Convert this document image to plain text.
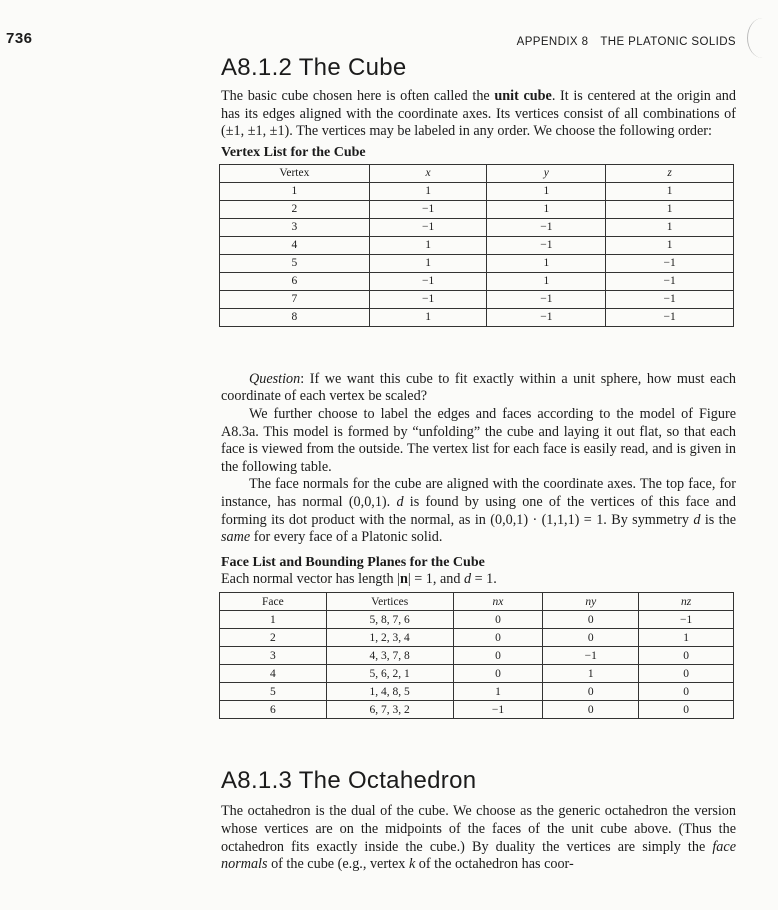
736	APPENDIX 8 THE PLATONIC SOLIDS
A8.1.2 The Cube

The basic cube chosen here is often called the unit cube. It is centered at the origin and has its edges aligned with the coordinate axes. Its vertices consist of all combinations of (±1, ±1, ±1). The vertices may be labeled in any order. We choose the following order:

Vertex List for the Cube
Vertex	x	y	z
1	1	1	1
2	−1	1	1
3	−1	−1	1
4	1	−1	1
5	1	1	−1
6	−1	1	−1
7	−1	−1	−1
8	1	−1	−1

Question: If we want this cube to fit exactly within a unit sphere, how must each coordinate of each vertex be scaled?

We further choose to label the edges and faces according to the model of Figure A8.3a. This model is formed by “unfolding” the cube and laying it out flat, so that each face is viewed from the outside. The vertex list for each face is easily read, and is given in the following table.

The face normals for the cube are aligned with the coordinate axes. The top face, for instance, has normal (0,0,1). d is found by using one of the vertices of this face and forming its dot product with the normal, as in (0,0,1) · (1,1,1) = 1. By symmetry d is the same for every face of a Platonic solid.

Face List and Bounding Planes for the Cube

Each normal vector has length |n| = 1, and d = 1.

Face	Vertices	nx	ny	nz
1	5, 8, 7, 6	0	0	−1
2	1, 2, 3, 4	0	0	1
3	4, 3, 7, 8	0	−1	0
4	5, 6, 2, 1	0	1	0
5	1, 4, 8, 5	1	0	0
6	6, 7, 3, 2	−1	0	0
A8.1.3 The Octahedron

The octahedron is the dual of the cube. We choose as the generic octahedron the version whose vertices are on the midpoints of the faces of the unit cube above. (Thus the octahedron fits exactly inside the cube.) By duality the vertices are simply the face normals of the cube (e.g., vertex k of the octahedron has coor-
